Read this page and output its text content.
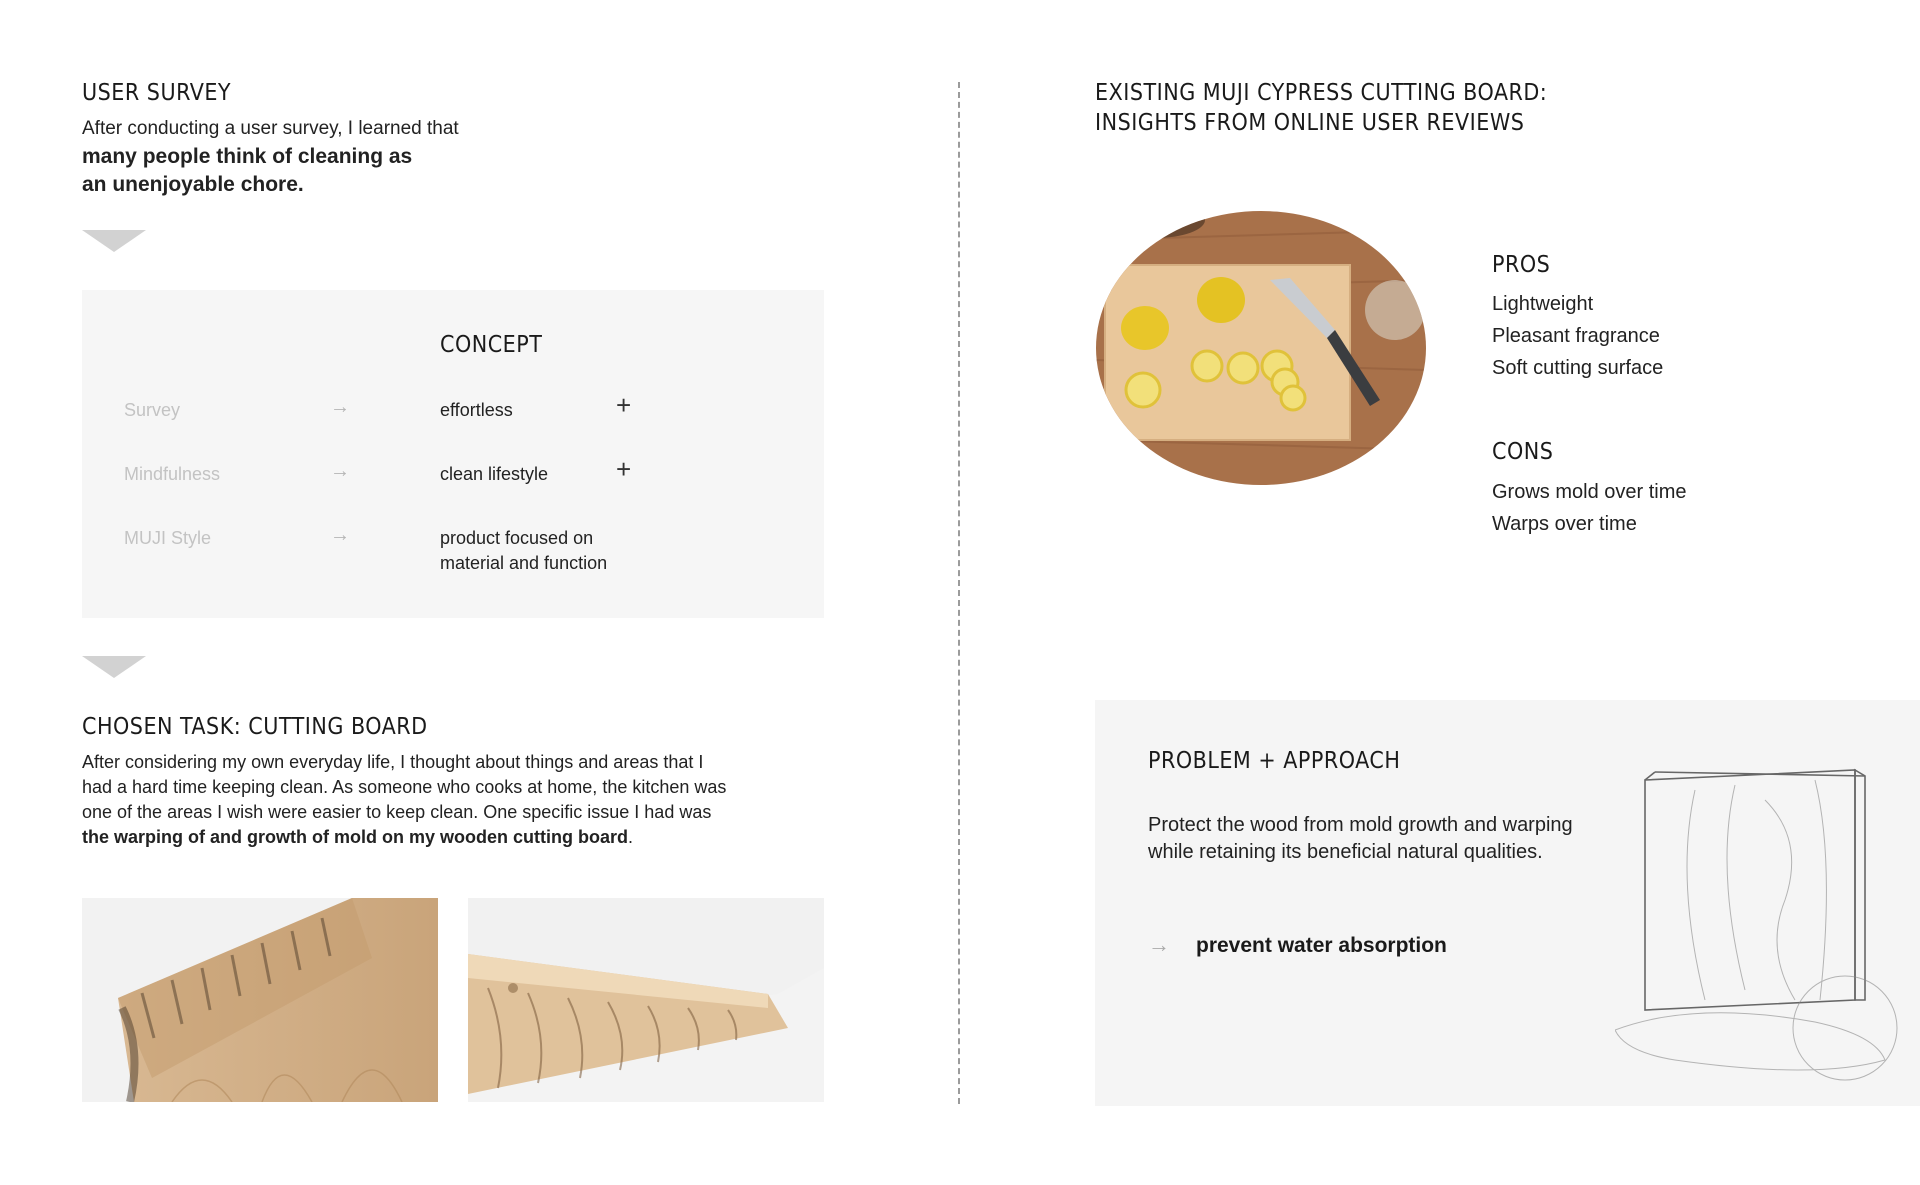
USER SURVEY
After conducting a user survey, I learned that
many people think of cleaning as
an unenjoyable chore.
CONCEPT
Survey	→	effortless	+
Mindfulness	→	clean lifestyle	+
MUJI Style	→	product focused on
material and function
CHOSEN TASK: CUTTING BOARD
After considering my own everyday life, I thought about things and areas that I
had a hard time keeping clean. As someone who cooks at home, the kitchen was
one of the areas I wish were easier to keep clean. One specific issue I had was
the warping of and growth of mold on my wooden cutting board.
EXISTING MUJI CYPRESS CUTTING BOARD:
INSIGHTS FROM ONLINE USER REVIEWS
PROS
Lightweight
Pleasant fragrance
Soft cutting surface
CONS
Grows mold over time
Warps over time
PROBLEM + APPROACH
Protect the wood from mold growth and warping
while retaining its beneficial natural qualities.
→ prevent water absorption
